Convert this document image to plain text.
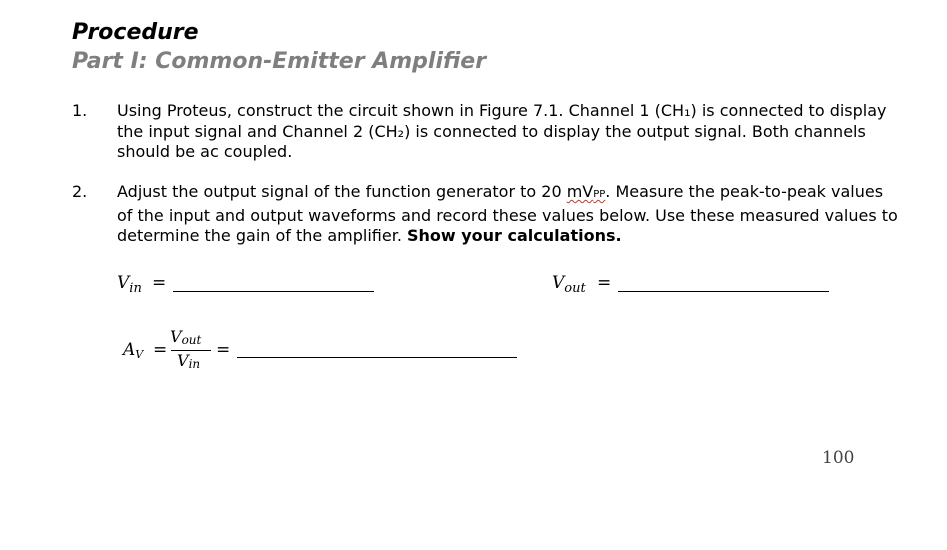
Procedure
Part I: Common-Emitter Amplifier
1. Using Proteus, construct the circuit shown in Figure 7.1. Channel 1 (CH₁) is connected to display the input signal and Channel 2 (CH₂) is connected to display the output signal. Both channels should be ac coupled.
2. Adjust the output signal of the function generator to 20 mVPP. Measure the peak-to-peak values of the input and output waveforms and record these values below. Use these measured values to determine the gain of the amplifier. Show your calculations.
$V_{in}$ =	$V_{out}$ =
AV =
Vout
Vin
=
100
